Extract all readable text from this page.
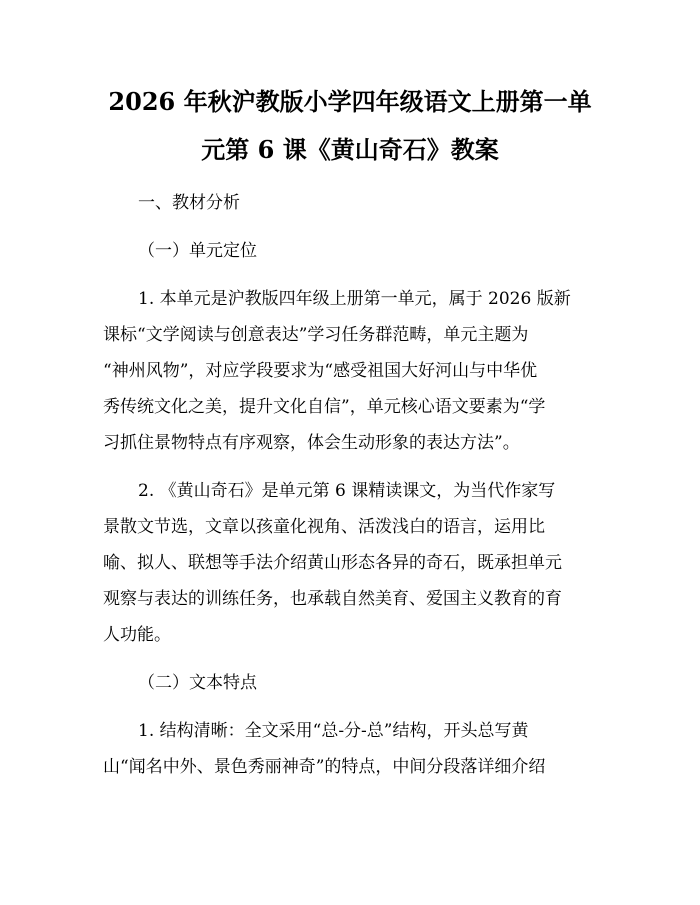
2026 年秋沪教版小学四年级语文上册第一单
元第 6 课《黄山奇石》教案
一、教材分析
（一）单元定位
1. 本单元是沪教版四年级上册第一单元，属于 2026 版新
课标“文学阅读与创意表达”学习任务群范畴，单元主题为
“神州风物”，对应学段要求为“感受祖国大好河山与中华优
秀传统文化之美，提升文化自信”，单元核心语文要素为“学
习抓住景物特点有序观察，体会生动形象的表达方法”。
2. 《黄山奇石》是单元第 6 课精读课文，为当代作家写
景散文节选，文章以孩童化视角、活泼浅白的语言，运用比
喻、拟人、联想等手法介绍黄山形态各异的奇石，既承担单元
观察与表达的训练任务，也承载自然美育、爱国主义教育的育
人功能。
（二）文本特点
1. 结构清晰：全文采用“总-分-总”结构，开头总写黄
山“闻名中外、景色秀丽神奇”的特点，中间分段落详细介绍
